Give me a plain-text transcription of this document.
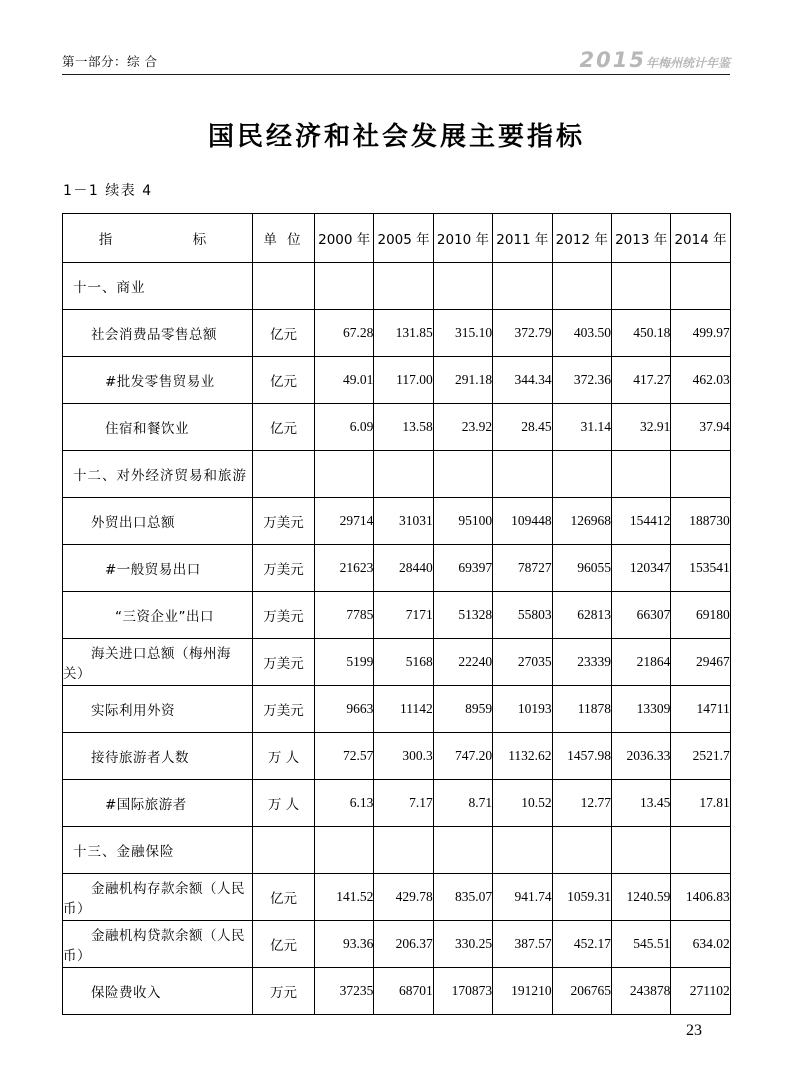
第一部分：综 合	2015年梅州统计年鉴
国民经济和社会发展主要指标
1－1 续表 4
指　　　标	单 位	2000 年	2005 年	2010 年	2011 年	2012 年	2013 年	2014 年
十一、商业								
社会消费品零售总额	亿元	67.28	131.85	315.10	372.79	403.50	450.18	499.97
#批发零售贸易业	亿元	49.01	117.00	291.18	344.34	372.36	417.27	462.03
住宿和餐饮业	亿元	6.09	13.58	23.92	28.45	31.14	32.91	37.94
十二、对外经济贸易和旅游								
外贸出口总额	万美元	29714	31031	95100	109448	126968	154412	188730
#一般贸易出口	万美元	21623	28440	69397	78727	96055	120347	153541
“三资企业”出口	万美元	7785	7171	51328	55803	62813	66307	69180
海关进口总额（梅州海关）	万美元	5199	5168	22240	27035	23339	21864	29467
实际利用外资	万美元	9663	11142	8959	10193	11878	13309	14711
接待旅游者人数	万 人	72.57	300.3	747.20	1132.62	1457.98	2036.33	2521.7
#国际旅游者	万 人	6.13	7.17	8.71	10.52	12.77	13.45	17.81
十三、金融保险								
金融机构存款余额（人民币）	亿元	141.52	429.78	835.07	941.74	1059.31	1240.59	1406.83
金融机构贷款余额（人民币）	亿元	93.36	206.37	330.25	387.57	452.17	545.51	634.02
保险费收入	万元	37235	68701	170873	191210	206765	243878	271102
23
